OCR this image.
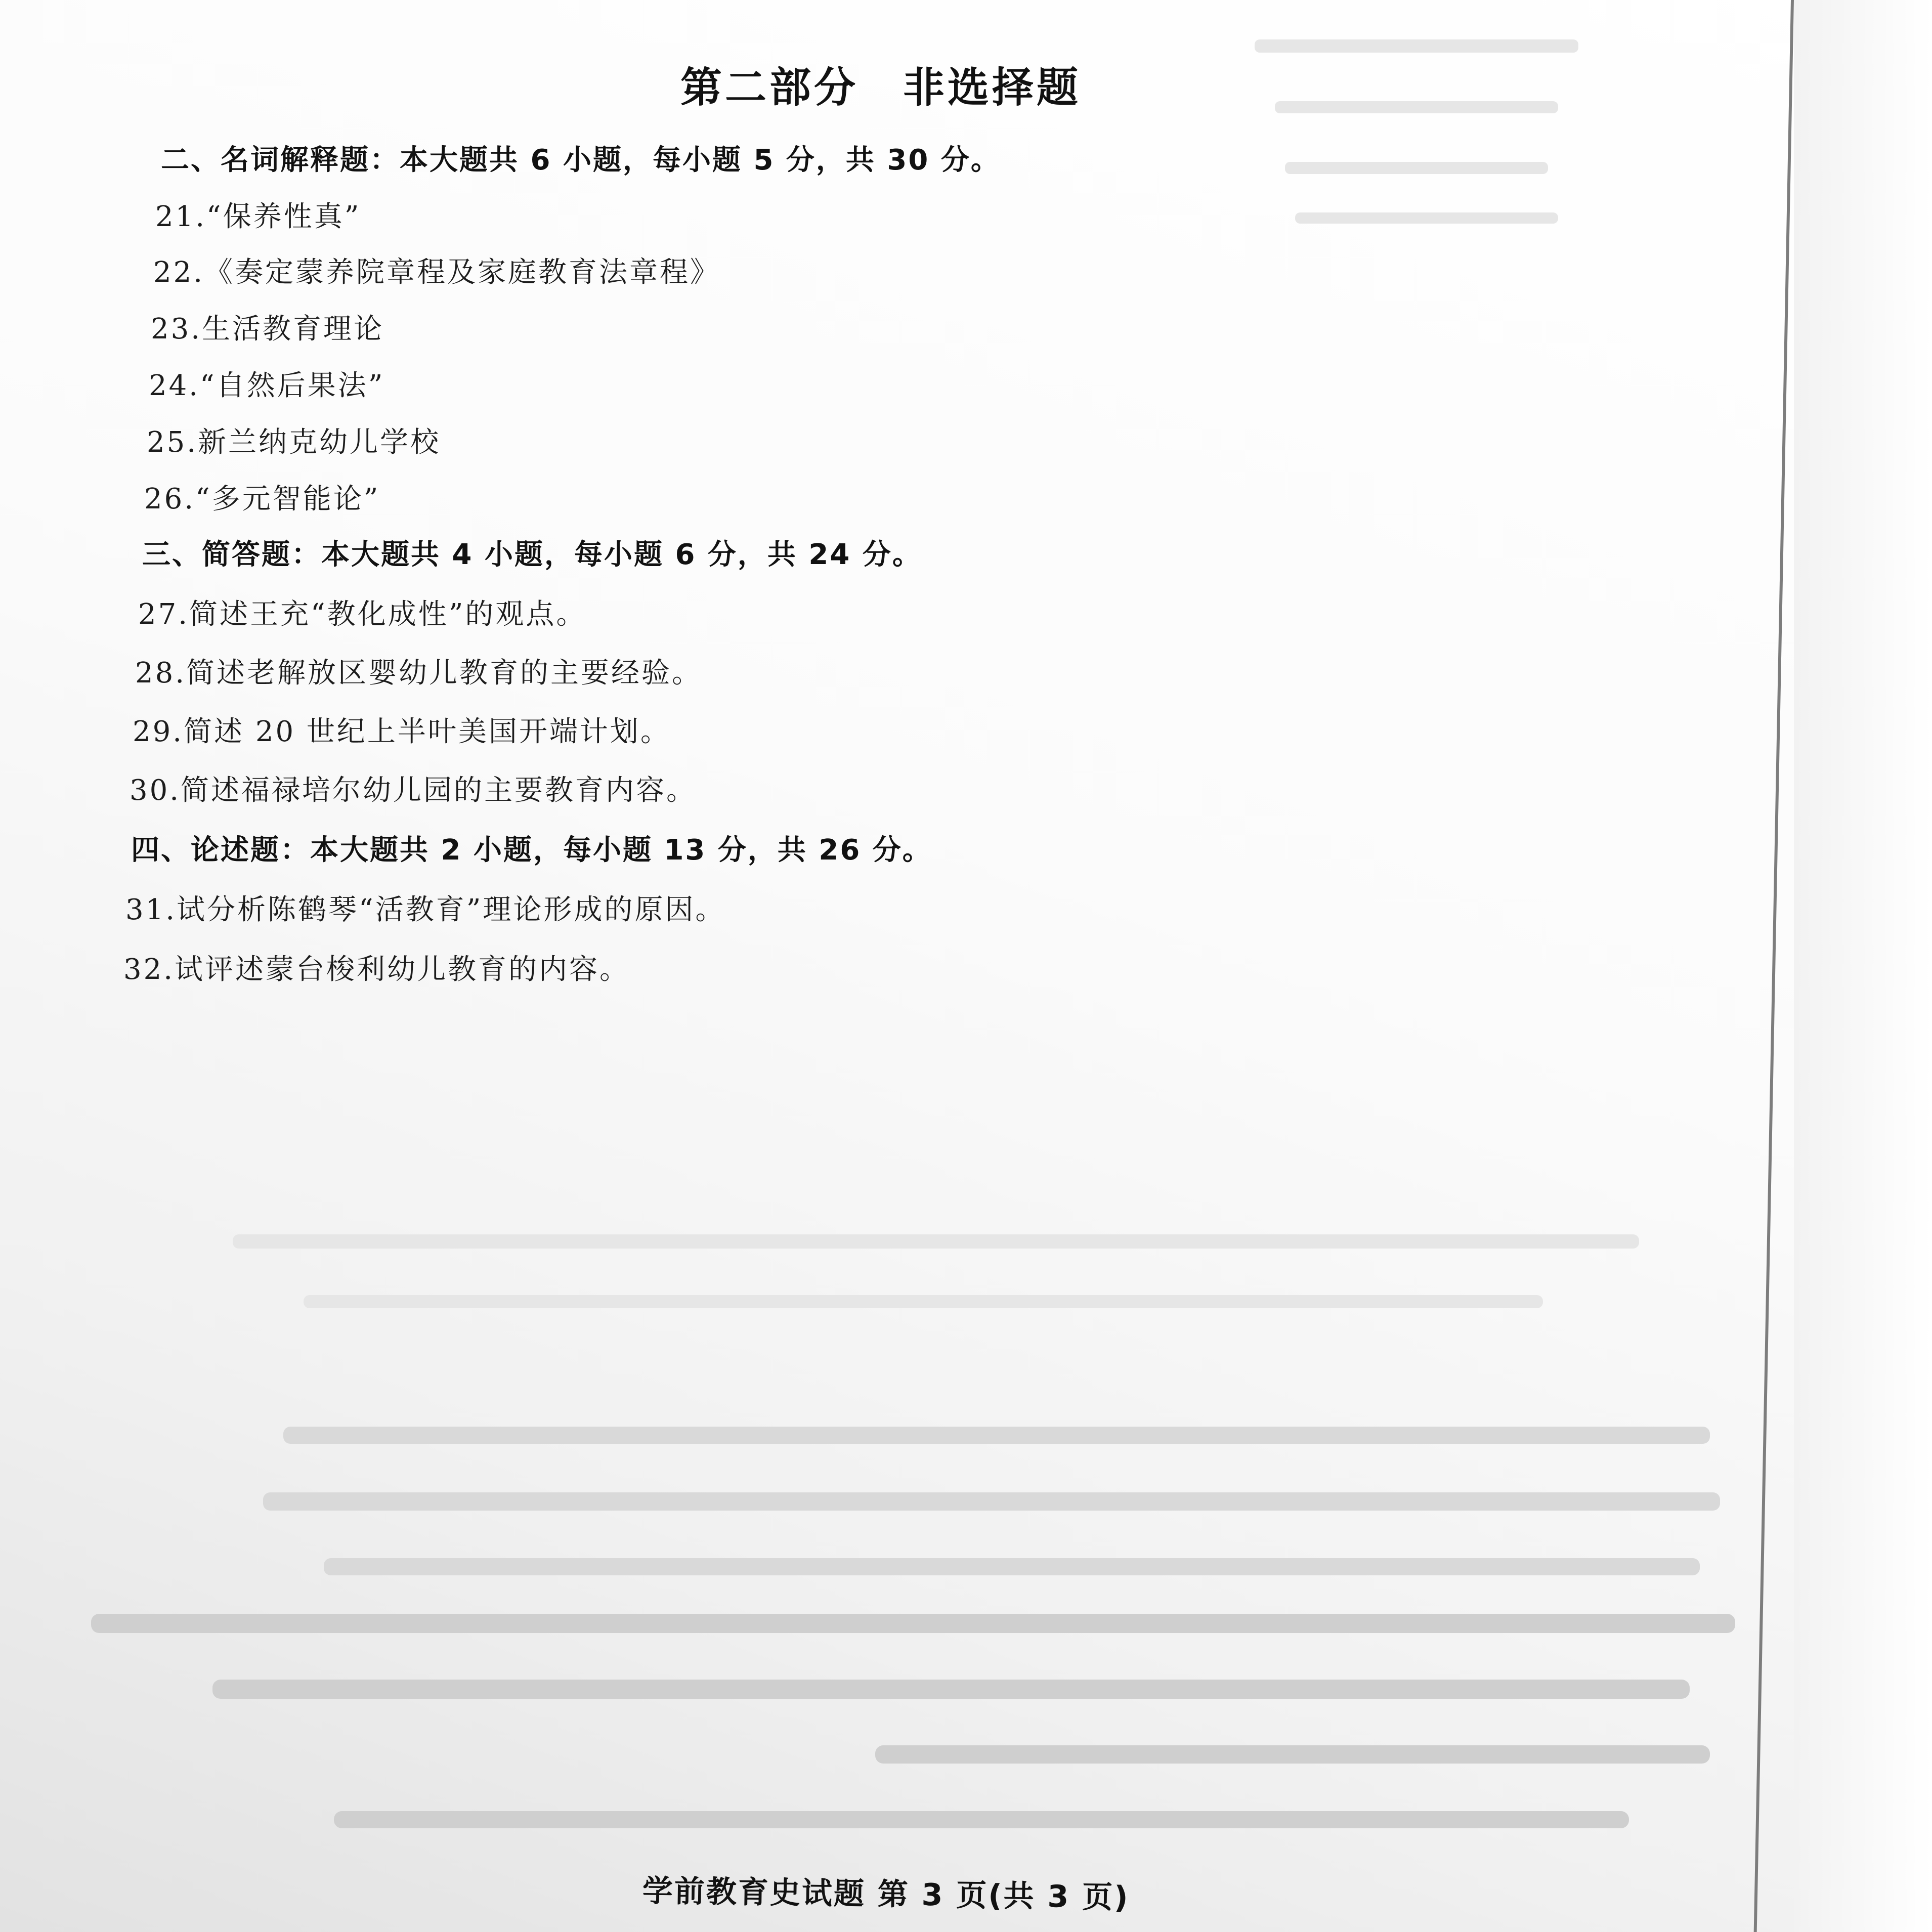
第二部分　非选择题
二、名词解释题：本大题共 6 小题，每小题 5 分，共 30 分。
21.“保养性真”
22.《奏定蒙养院章程及家庭教育法章程》
23.生活教育理论
24.“自然后果法”
25.新兰纳克幼儿学校
26.“多元智能论”
三、简答题：本大题共 4 小题，每小题 6 分，共 24 分。
27.简述王充“教化成性”的观点。
28.简述老解放区婴幼儿教育的主要经验。
29.简述 20 世纪上半叶美国开端计划。
30.简述福禄培尔幼儿园的主要教育内容。
四、论述题：本大题共 2 小题，每小题 13 分，共 26 分。
31.试分析陈鹤琴“活教育”理论形成的原因。
32.试评述蒙台梭利幼儿教育的内容。
学前教育史试题 第 3 页(共 3 页)
